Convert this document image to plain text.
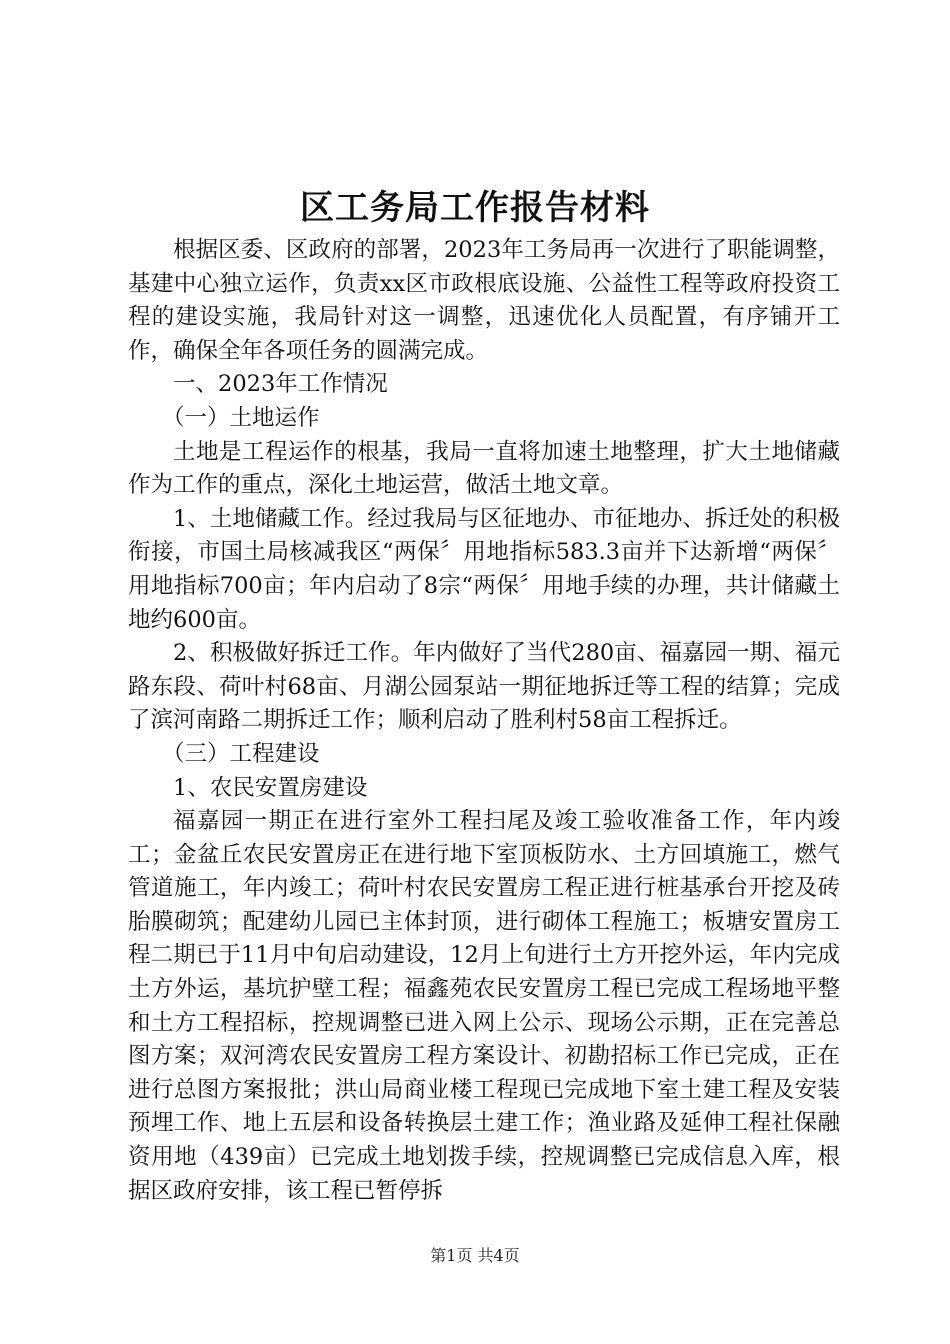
区工务局工作报告材料

根据区委、区政府的部署，2023年工务局再一次进行了职能调整，基建中心独立运作，负责xx区市政根底设施、公益性工程等政府投资工程的建设实施，我局针对这一调整，迅速优化人员配置，有序铺开工作，确保全年各项任务的圆满完成。

一、2023年工作情况

（一）土地运作

土地是工程运作的根基，我局一直将加速土地整理，扩大土地储藏作为工作的重点，深化土地运营，做活土地文章。

1、土地储藏工作。经过我局与区征地办、市征地办、拆迁处的积极衔接，市国土局核减我区“两保〞用地指标583.3亩并下达新增“两保〞用地指标700亩；年内启动了8宗“两保〞用地手续的办理，共计储藏土地约600亩。

2、积极做好拆迁工作。年内做好了当代280亩、福嘉园一期、福元路东段、荷叶村68亩、月湖公园泵站一期征地拆迁等工程的结算；完成了滨河南路二期拆迁工作；顺利启动了胜利村58亩工程拆迁。

（三）工程建设

1、农民安置房建设

福嘉园一期正在进行室外工程扫尾及竣工验收准备工作，年内竣工；金盆丘农民安置房正在进行地下室顶板防水、土方回填施工，燃气管道施工，年内竣工；荷叶村农民安置房工程正进行桩基承台开挖及砖胎膜砌筑；配建幼儿园已主体封顶，进行砌体工程施工；板塘安置房工程二期已于11月中旬启动建设，12月上旬进行土方开挖外运，年内完成土方外运，基坑护壁工程；福鑫苑农民安置房工程已完成工程场地平整和土方工程招标，控规调整已进入网上公示、现场公示期，正在完善总图方案；双河湾农民安置房工程方案设计、初勘招标工作已完成，正在进行总图方案报批；洪山局商业楼工程现已完成地下室土建工程及安装预埋工作、地上五层和设备转换层土建工作；渔业路及延伸工程社保融资用地（439亩）已完成土地划拨手续，控规调整已完成信息入库，根据区政府安排，该工程已暂停拆

第1页 共4页
